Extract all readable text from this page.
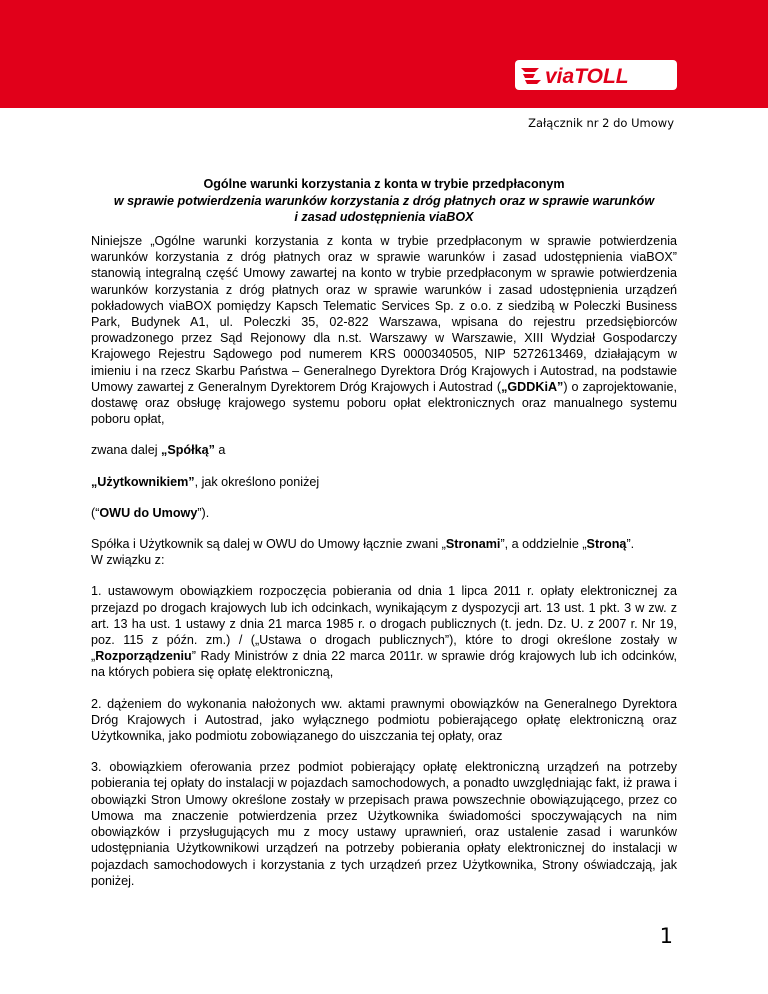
viaTOLL
Załącznik nr 2 do Umowy
Ogólne warunki korzystania z konta w trybie przedpłaconym
w sprawie potwierdzenia warunków korzystania z dróg płatnych oraz w sprawie warunków
i zasad udostępnienia viaBOX

Niniejsze „Ogólne warunki korzystania z konta w trybie przedpłaconym w sprawie potwierdzenia warunków korzystania z dróg płatnych oraz w sprawie warunków i zasad udostępnienia viaBOX” stanowią integralną część Umowy zawartej na konto w trybie przedpłaconym w sprawie potwierdzenia warunków korzystania z dróg płatnych oraz w sprawie warunków i zasad udostępnienia urządzeń pokładowych viaBOX pomiędzy Kapsch Telematic Services Sp. z o.o. z siedzibą w Poleczki Business Park, Budynek A1, ul. Poleczki 35, 02-822 Warszawa, wpisana do rejestru przedsiębiorców prowadzonego przez Sąd Rejonowy dla n.st. Warszawy w Warszawie, XIII Wydział Gospodarczy Krajowego Rejestru Sądowego pod numerem KRS 0000340505, NIP 5272613469, działającym w imieniu i na rzecz Skarbu Państwa – Generalnego Dyrektora Dróg Krajowych i Autostrad, na podstawie Umowy zawartej z Generalnym Dyrektorem Dróg Krajowych i Autostrad („GDDKiA”) o zaprojektowanie, dostawę oraz obsługę krajowego systemu poboru opłat elektronicznych oraz manualnego systemu poboru opłat,

zwana dalej „Spółką” a

„Użytkownikiem”, jak określono poniżej

(“OWU do Umowy”).

Spółka i Użytkownik są dalej w OWU do Umowy łącznie zwani „Stronami”, a oddzielnie „Stroną”.
W związku z:

1. ustawowym obowiązkiem rozpoczęcia pobierania od dnia 1 lipca 2011 r. opłaty elektronicznej za przejazd po drogach krajowych lub ich odcinkach, wynikającym z dyspozycji art. 13 ust. 1 pkt. 3 w zw. z art. 13 ha ust. 1 ustawy z dnia 21 marca 1985 r. o drogach publicznych (t. jedn. Dz. U. z 2007 r. Nr 19, poz. 115 z późn. zm.) / („Ustawa o drogach publicznych”), które to drogi określone zostały w „Rozporządzeniu” Rady Ministrów z dnia 22 marca 2011r. w sprawie dróg krajowych lub ich odcinków, na których pobiera się opłatę elektroniczną,

2. dążeniem do wykonania nałożonych ww. aktami prawnymi obowiązków na Generalnego Dyrektora Dróg Krajowych i Autostrad, jako wyłącznego podmiotu pobierającego opłatę elektroniczną oraz Użytkownika, jako podmiotu zobowiązanego do uiszczania tej opłaty, oraz

3. obowiązkiem oferowania przez podmiot pobierający opłatę elektroniczną urządzeń na potrzeby pobierania tej opłaty do instalacji w pojazdach samochodowych, a ponadto uwzględniając fakt, iż prawa i obowiązki Stron Umowy określone zostały w przepisach prawa powszechnie obowiązującego, przez co Umowa ma znaczenie potwierdzenia przez Użytkownika świadomości spoczywających na nim obowiązków i przysługujących mu z mocy ustawy uprawnień, oraz ustalenie zasad i warunków udostępniania Użytkownikowi urządzeń na potrzeby pobierania opłaty elektronicznej do instalacji w pojazdach samochodowych i korzystania z tych urządzeń przez Użytkownika, Strony oświadczają, jak poniżej.

1
